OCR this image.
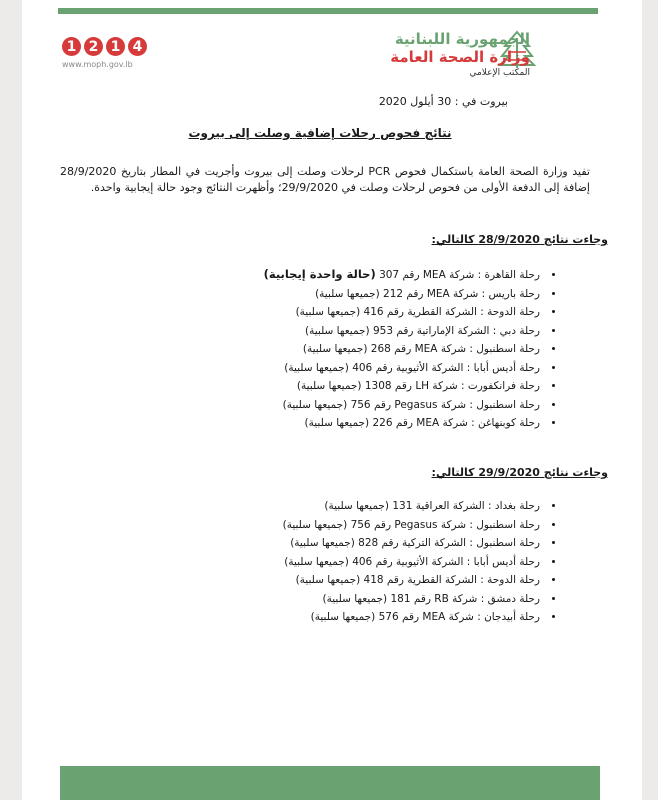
1 2 1 4
www.moph.gov.lb
الجمهورية اللبنانية
وزارة الصحة العامة
المكتب الإعلامي
بيروت في : 30 أيلول 2020
نتائج فحوص رحلات إضافية وصلت إلى بيروت
تفيد وزارة الصحة العامة باستكمال فحوص PCR لرحلات وصلت إلى بيروت وأجريت في المطار بتاريخ 28/9/2020 إضافة إلى الدفعة الأولى من فحوص لرحلات وصلت في 29/9/2020؛ وأظهرت النتائج وجود حالة إيجابية واحدة.
وجاءت نتائج 28/9/2020 كالتالي:
• رحلة القاهرة : شركة MEA رقم 307 (حالة واحدة إيجابية)
• رحلة باريس : شركة MEA رقم 212 (جميعها سلبية)
• رحلة الدوحة : الشركة القطرية رقم 416 (جميعها سلبية)
• رحلة دبي : الشركة الإماراتية رقم 953 (جميعها سلبية)
• رحلة اسطنبول : شركة MEA رقم 268 (جميعها سلبية)
• رحلة أديس أبابا : الشركة الأثيوبية رقم 406 (جميعها سلبية)
• رحلة فرانكفورت : شركة LH رقم 1308 (جميعها سلبية)
• رحلة اسطنبول : شركة Pegasus رقم 756 (جميعها سلبية)
• رحلة كوبنهاغن : شركة MEA رقم 226 (جميعها سلبية)
وجاءت نتائج 29/9/2020 كالتالي:
• رحلة بغداد : الشركة العراقية 131 (جميعها سلبية)
• رحلة اسطنبول : شركة Pegasus رقم 756 (جميعها سلبية)
• رحلة اسطنبول : الشركة التركية رقم 828 (جميعها سلبية)
• رحلة أديس أبابا : الشركة الأثيوبية رقم 406 (جميعها سلبية)
• رحلة الدوحة : الشركة القطرية رقم 418 (جميعها سلبية)
• رحلة دمشق : شركة RB رقم 181 (جميعها سلبية)
• رحلة أبيدجان : شركة MEA رقم 576 (جميعها سلبية)
